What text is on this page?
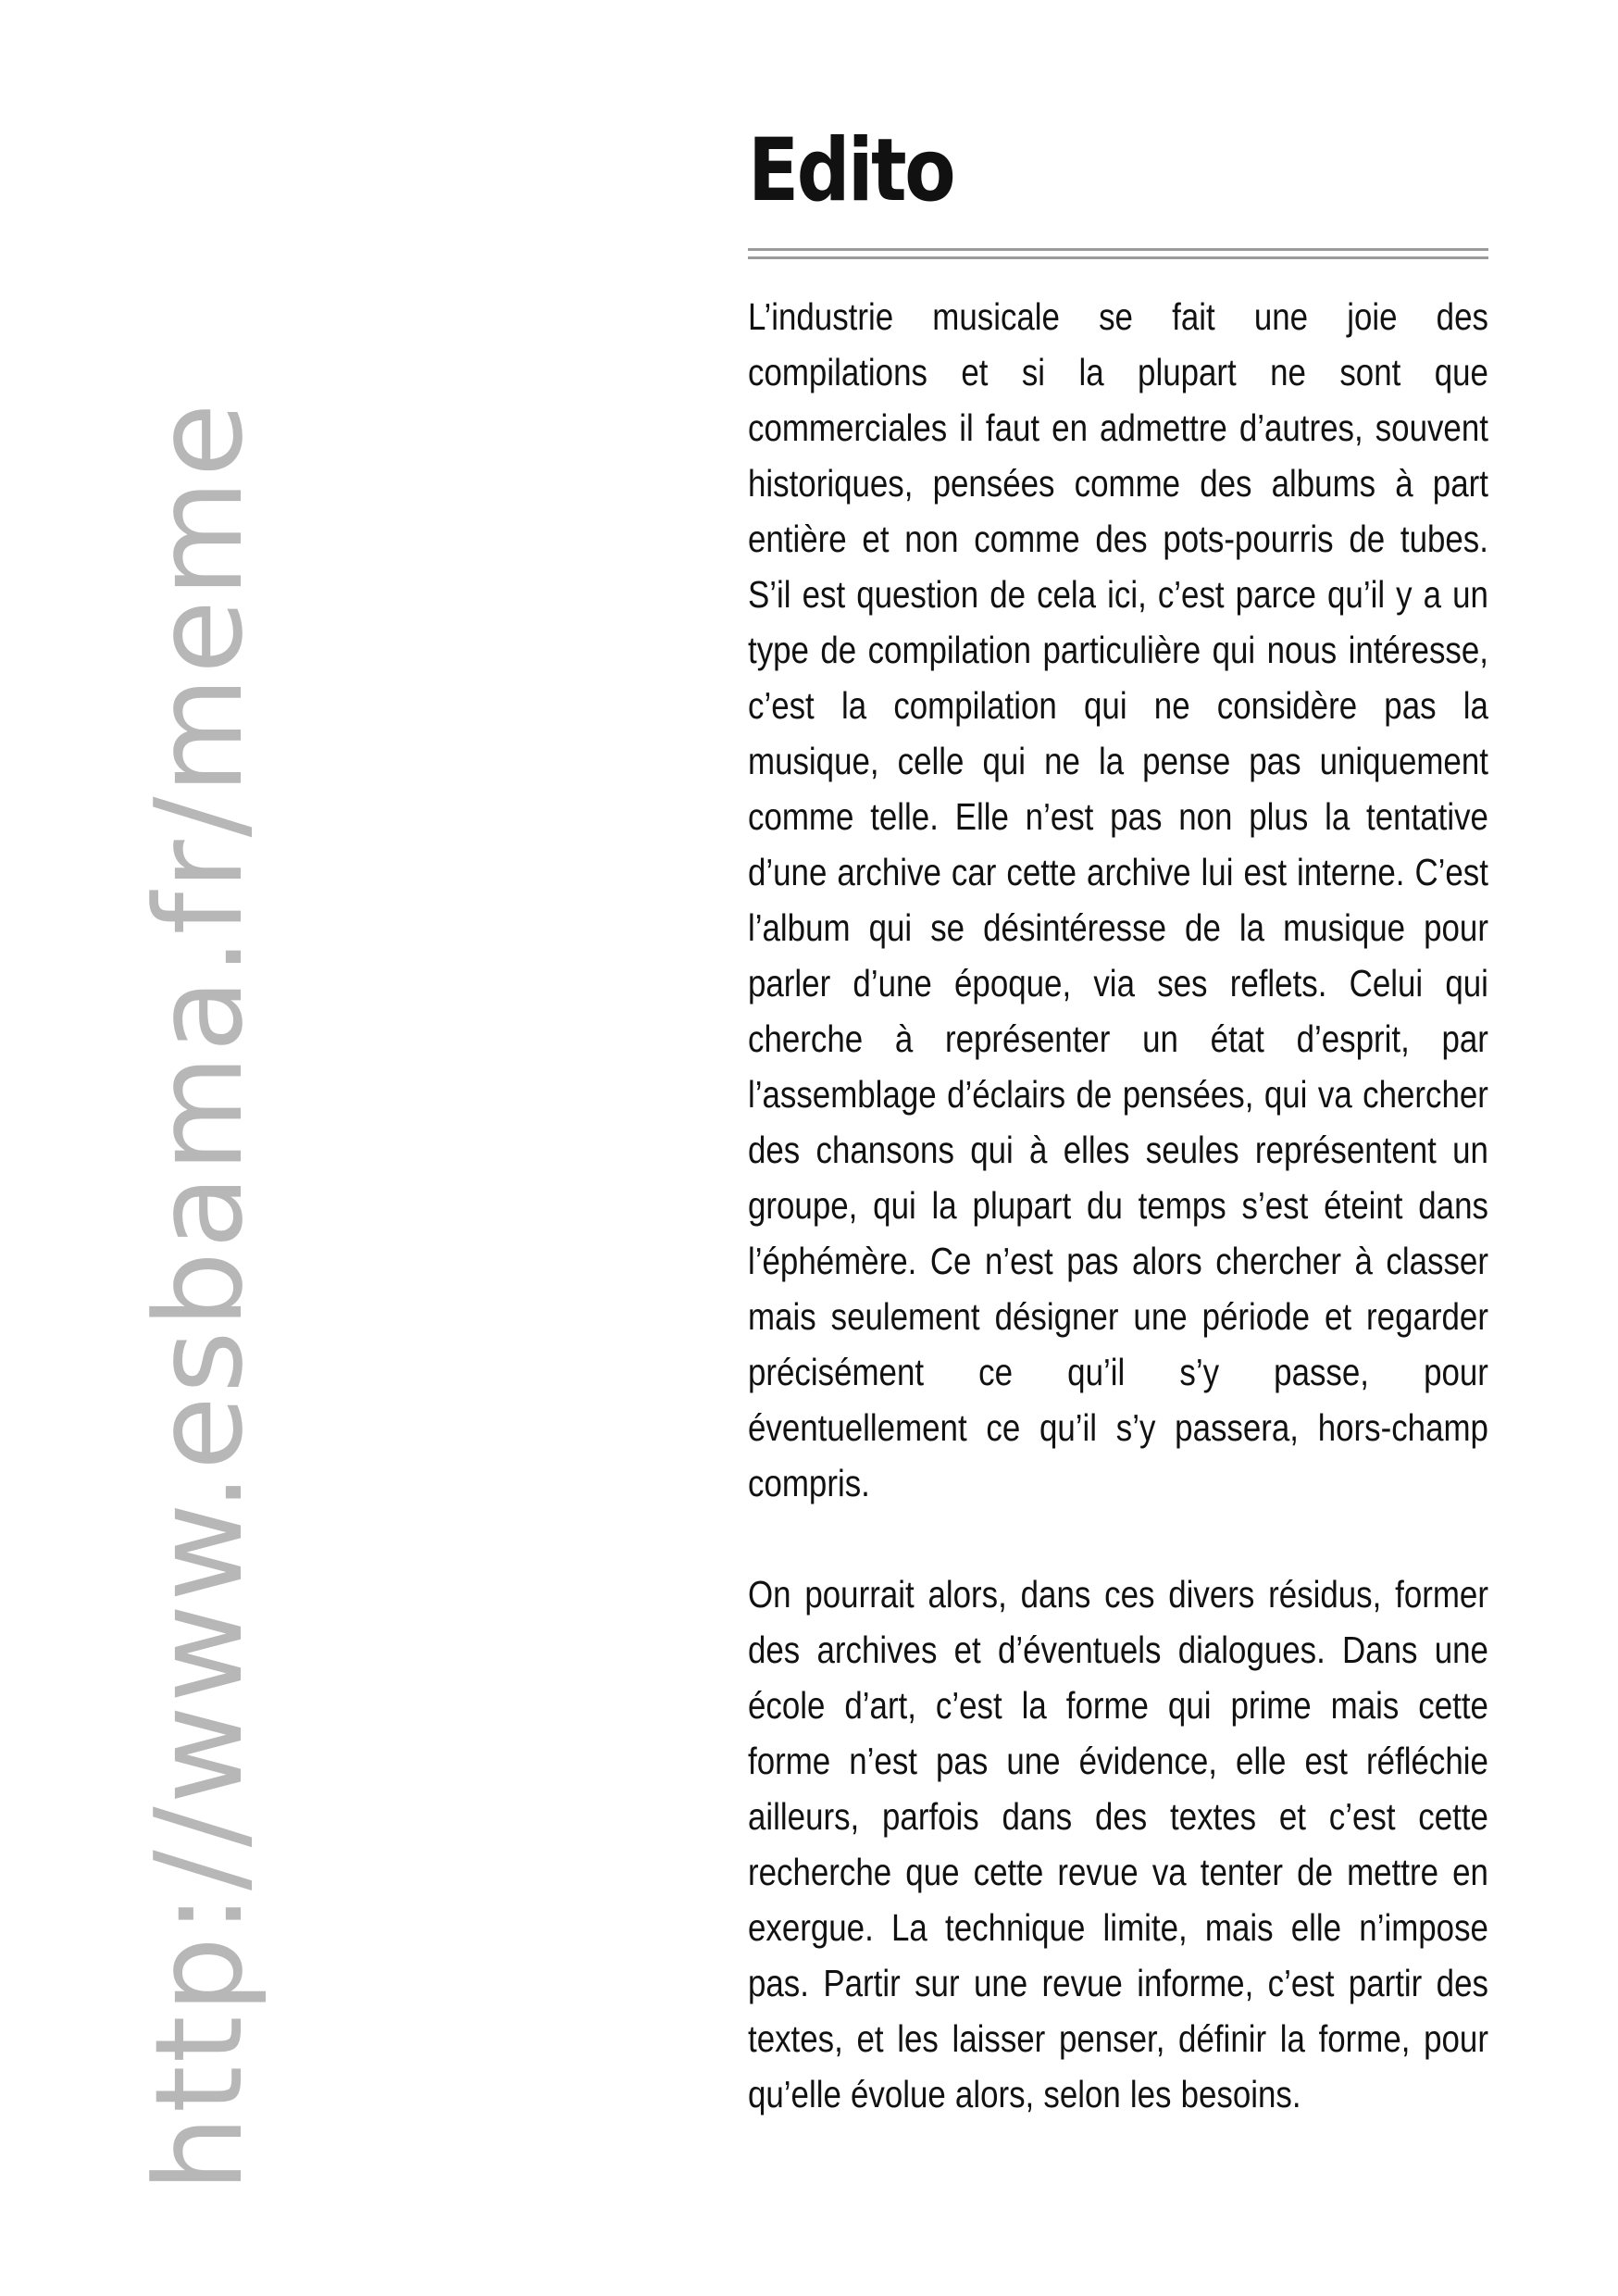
http://www.esbama.fr/meme
Edito

L’industrie musicale se fait une joie des compilations et si la plupart ne sont que commerciales il faut en admettre d’autres, souvent historiques, pensées comme des albums à part entière et non comme des pots-pourris de tubes. S’il est question de cela ici, c’est parce qu’il y a un type de compilation particulière qui nous intéresse, c’est la compilation qui ne considère pas la musique, celle qui ne la pense pas uniquement comme telle. Elle n’est pas non plus la tentative d’une archive car cette archive lui est interne. C’est l’album qui se désintéresse de la musique pour parler d’une époque, via ses reflets. Celui qui cherche à représenter un état d’esprit, par l’assemblage d’éclairs de pensées, qui va chercher des chansons qui à elles seules représentent un groupe, qui la plupart du temps s’est éteint dans l’éphémère. Ce n’est pas alors chercher à classer mais seulement désigner une période et regarder précisément ce qu’il s’y passe, pour éventuellement ce qu’il s’y passera, hors-champ compris.

On pourrait alors, dans ces divers résidus, former des archives et d’éventuels dialogues. Dans une école d’art, c’est la forme qui prime mais cette forme n’est pas une évidence, elle est réfléchie ailleurs, parfois dans des textes et c’est cette recherche que cette revue va tenter de mettre en exergue. La technique limite, mais elle n’impose pas. Partir sur une revue informe, c’est partir des textes, et les laisser penser, définir la forme, pour qu’elle évolue alors, selon les besoins.
